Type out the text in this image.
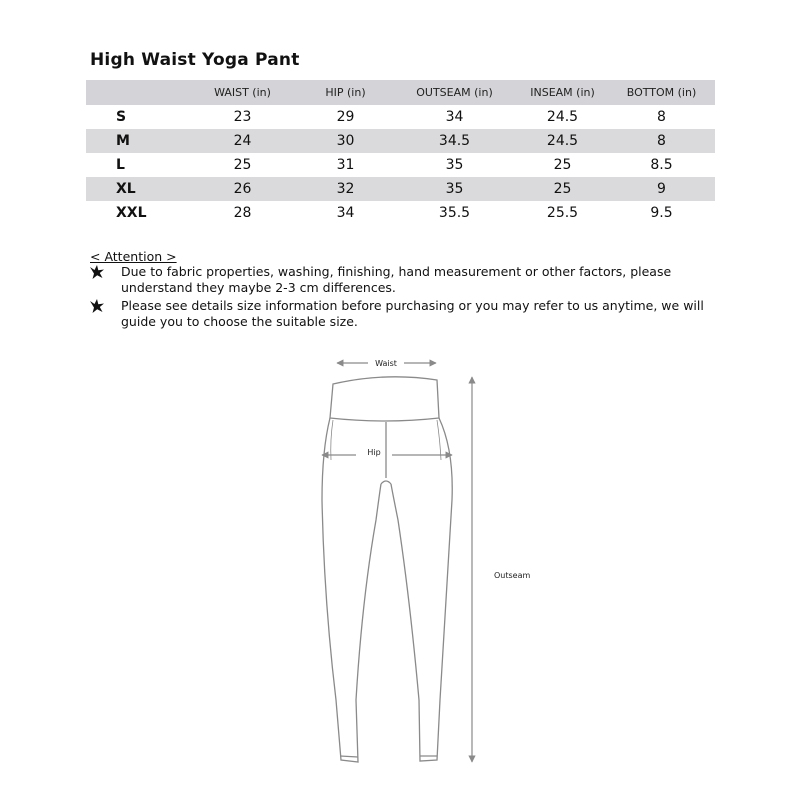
High Waist Yoga Pant
	WAIST (in)	HIP (in)	OUTSEAM (in)	INSEAM (in)	BOTTOM (in)
S	23	29	34	24.5	8
M	24	30	34.5	24.5	8
L	25	31	35	25	8.5
XL	26	32	35	25	9
XXL	28	34	35.5	25.5	9.5
< Attention >
Due to fabric properties, washing, finishing, hand measurement or other factors, please understand they maybe 2-3 cm differences.
Please see details size information before purchasing or you may refer to us anytime, we will guide you to choose the suitable size.
Waist
Hip
Outseam
